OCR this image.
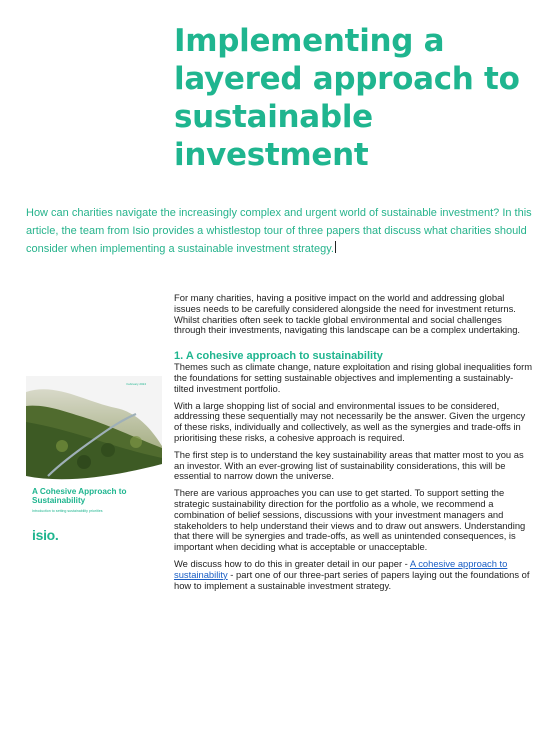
Implementing a layered approach to sustainable investment
How can charities navigate the increasingly complex and urgent world of sustainable investment? In this article, the team from Isio provides a whistlestop tour of three papers that discuss what charities should consider when implementing a sustainable investment strategy.
February 2024
A Cohesive Approach to Sustainability
Introduction to setting sustainability priorities
isio.

For many charities, having a positive impact on the world and addressing global issues needs to be carefully considered alongside the need for investment returns. Whilst charities often seek to tackle global environmental and social challenges through their investments, navigating this landscape can be a complex undertaking.

1. A cohesive approach to sustainability

Themes such as climate change, nature exploitation and rising global inequalities form the foundations for setting sustainable objectives and implementing a sustainably-tilted investment portfolio.

With a large shopping list of social and environmental issues to be considered, addressing these sequentially may not necessarily be the answer. Given the urgency of these risks, individually and collectively, as well as the synergies and trade-offs in prioritising these risks, a cohesive approach is required.

The first step is to understand the key sustainability areas that matter most to you as an investor. With an ever-growing list of sustainability considerations, this will be essential to narrow down the universe.

There are various approaches you can use to get started. To support setting the strategic sustainability direction for the portfolio as a whole, we recommend a combination of belief sessions, discussions with your investment managers and stakeholders to help understand their views and to draw out answers. Understanding that there will be synergies and trade-offs, as well as unintended consequences, is important when deciding what is acceptable or unacceptable.

We discuss how to do this in greater detail in our paper - A cohesive approach to sustainability - part one of our three-part series of papers laying out the foundations of how to implement a sustainable investment strategy.
